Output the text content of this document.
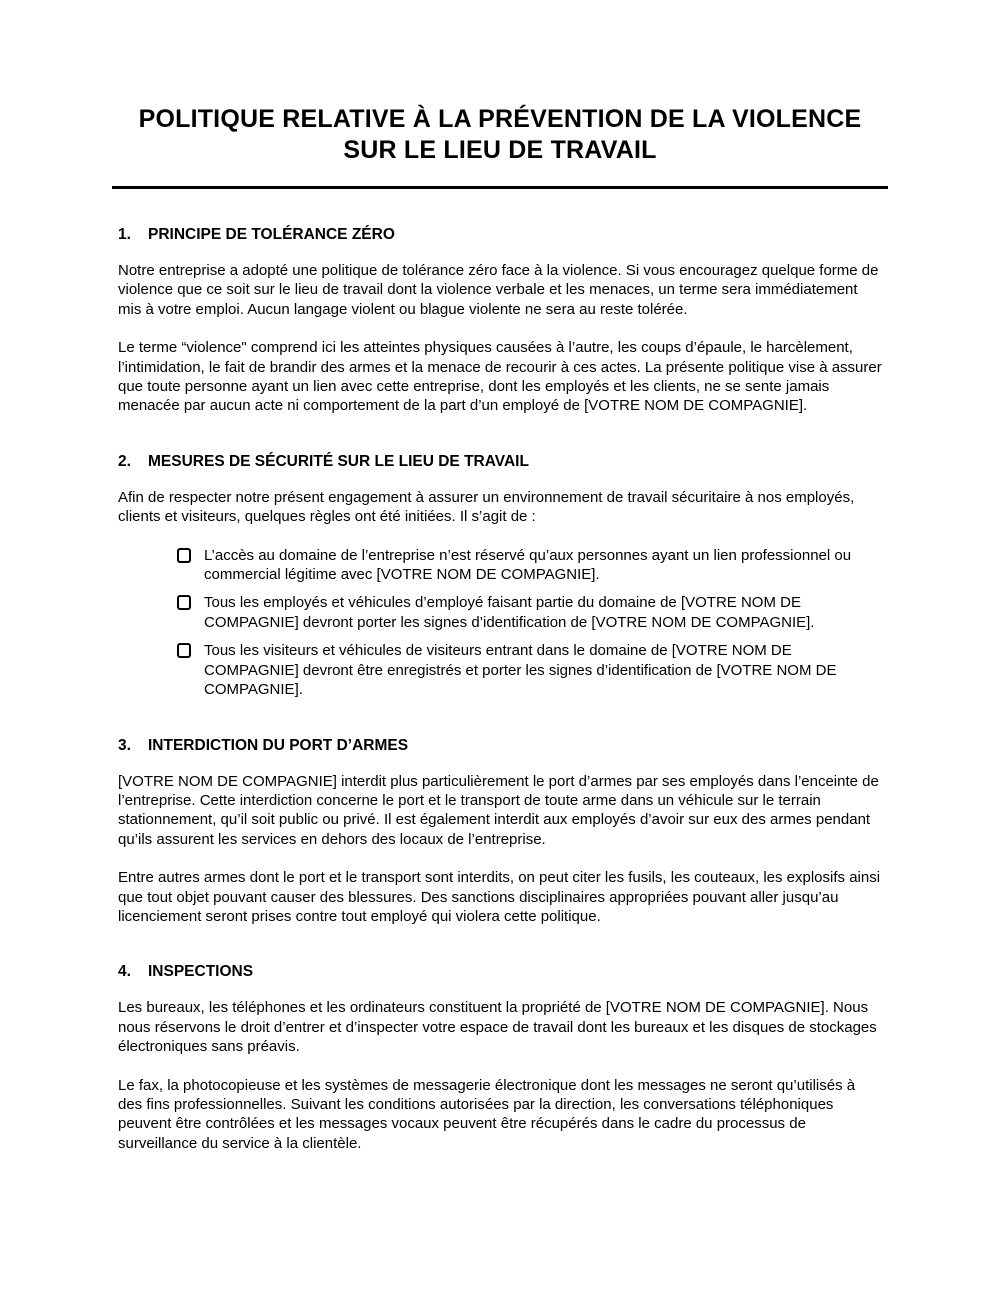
POLITIQUE RELATIVE À LA PRÉVENTION DE LA VIOLENCE
SUR LE LIEU DE TRAVAIL
1.	PRINCIPE DE TOLÉRANCE ZÉRO

Notre entreprise a adopté une politique de tolérance zéro face à la violence. Si vous encouragez quelque forme de violence que ce soit sur le lieu de travail dont la violence verbale et les menaces, un terme sera immédiatement mis à votre emploi. Aucun langage violent ou blague violente ne sera au reste tolérée.

Le terme “violence" comprend ici les atteintes physiques causées à l’autre, les coups d’épaule, le harcèlement, l’intimidation, le fait de brandir des armes et la menace de recourir à ces actes. La présente politique vise à assurer que toute personne ayant un lien avec cette entreprise, dont les employés et les clients, ne se sente jamais menacée par aucun acte ni comportement de la part d’un employé de [VOTRE NOM DE COMPAGNIE].

2.	MESURES DE SÉCURITÉ SUR LE LIEU DE TRAVAIL

Afin de respecter notre présent engagement à assurer un environnement de travail sécuritaire à nos employés, clients et visiteurs, quelques règles ont été initiées. Il s’agit de :

L’accès au domaine de l’entreprise n’est réservé qu’aux personnes ayant un lien professionnel ou commercial légitime avec [VOTRE NOM DE COMPAGNIE].
Tous les employés et véhicules d’employé faisant partie du domaine de [VOTRE NOM DE COMPAGNIE] devront porter les signes d’identification de [VOTRE NOM DE COMPAGNIE].
Tous les visiteurs et véhicules de visiteurs entrant dans le domaine de [VOTRE NOM DE COMPAGNIE] devront être enregistrés et porter les signes d’identification de [VOTRE NOM DE COMPAGNIE].
3.	INTERDICTION DU PORT D’ARMES

[VOTRE NOM DE COMPAGNIE] interdit plus particulièrement le port d’armes par ses employés dans l’enceinte de l’entreprise. Cette interdiction concerne le port et le transport de toute arme dans un véhicule sur le terrain stationnement, qu’il soit public ou privé. Il est également interdit aux employés d’avoir sur eux des armes pendant qu’ils assurent les services en dehors des locaux de l’entreprise.

Entre autres armes dont le port et le transport sont interdits, on peut citer les fusils, les couteaux, les explosifs ainsi que tout objet pouvant causer des blessures. Des sanctions disciplinaires appropriées pouvant aller jusqu’au licenciement seront prises contre tout employé qui violera cette politique.

4.	INSPECTIONS

Les bureaux, les téléphones et les ordinateurs constituent la propriété de [VOTRE NOM DE COMPAGNIE]. Nous nous réservons le droit d’entrer et d’inspecter votre espace de travail dont les bureaux et les disques de stockages électroniques sans préavis.

Le fax, la photocopieuse et les systèmes de messagerie électronique dont les messages ne seront qu’utilisés à des fins professionnelles. Suivant les conditions autorisées par la direction, les conversations téléphoniques peuvent être contrôlées et les messages vocaux peuvent être récupérés dans le cadre du processus de surveillance du service à la clientèle.
